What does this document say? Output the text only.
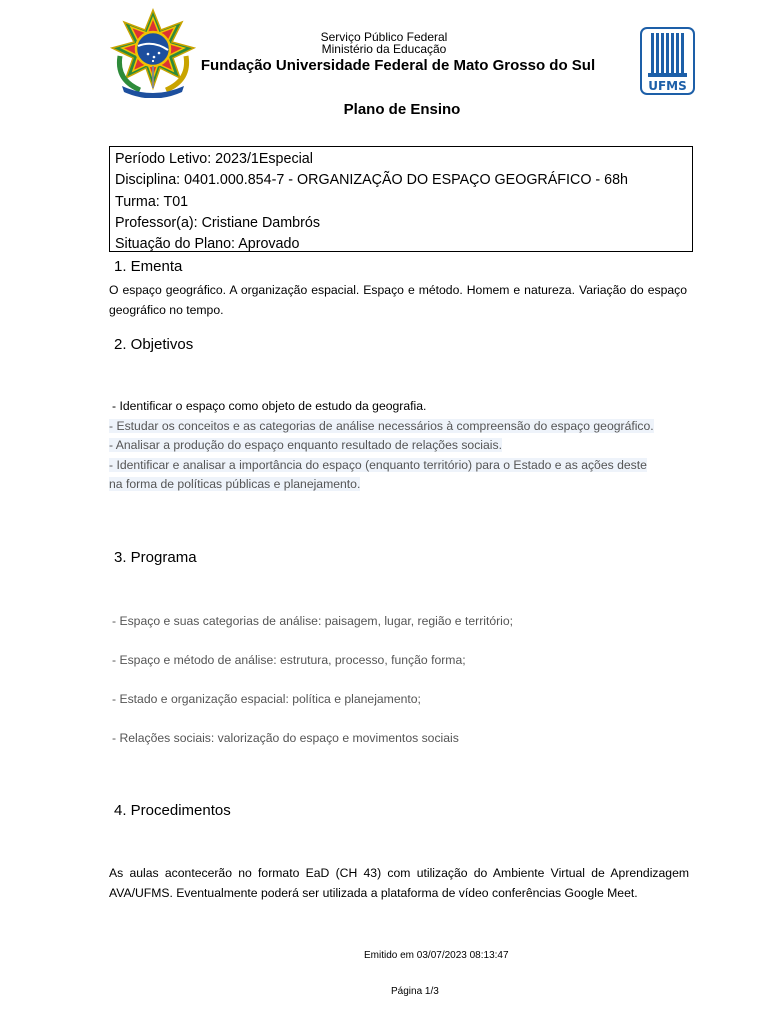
Serviço Público Federal
Ministério da Educação
Fundação Universidade Federal de Mato Grosso do Sul
UFMS
Plano de Ensino
Período Letivo: 2023/1Especial
Disciplina: 0401.000.854-7 - ORGANIZAÇÃO DO ESPAÇO GEOGRÁFICO - 68h
Turma: T01
Professor(a): Cristiane Dambrós
Situação do Plano: Aprovado
1. Ementa
O espaço geográfico. A organização espacial. Espaço e método. Homem e natureza. Variação do espaço geográfico no tempo.
2. Objetivos
- Identificar o espaço como objeto de estudo da geografia.
- Estudar os conceitos e as categorias de análise necessários à compreensão do espaço geográfico.
- Analisar a produção do espaço enquanto resultado de relações sociais.
- Identificar e analisar a importância do espaço (enquanto território) para o Estado e as ações deste
na forma de políticas públicas e planejamento.
3. Programa
- Espaço e suas categorias de análise: paisagem, lugar, região e território;
- Espaço e método de análise: estrutura, processo, função forma;
- Estado e organização espacial: política e planejamento;
- Relações sociais: valorização do espaço e movimentos sociais
4. Procedimentos
As aulas acontecerão no formato EaD (CH 43) com utilização do Ambiente Virtual de Aprendizagem AVA/UFMS. Eventualmente poderá ser utilizada a plataforma de vídeo conferências Google Meet.
Emitido em 03/07/2023 08:13:47
Página 1/3
